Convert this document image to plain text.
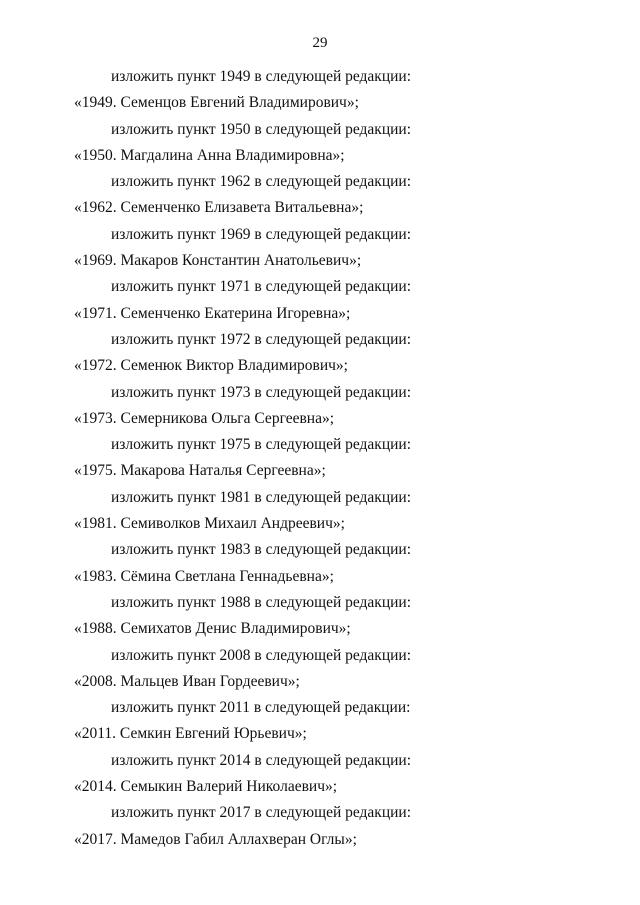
29
изложить пункт 1949 в следующей редакции:
«1949. Семенцов Евгений Владимирович»;
изложить пункт 1950 в следующей редакции:
«1950. Магдалина Анна Владимировна»;
изложить пункт 1962 в следующей редакции:
«1962. Семенченко Елизавета Витальевна»;
изложить пункт 1969 в следующей редакции:
«1969. Макаров Константин Анатольевич»;
изложить пункт 1971 в следующей редакции:
«1971. Семенченко Екатерина Игоревна»;
изложить пункт 1972 в следующей редакции:
«1972. Семенюк Виктор Владимирович»;
изложить пункт 1973 в следующей редакции:
«1973. Семерникова Ольга Сергеевна»;
изложить пункт 1975 в следующей редакции:
«1975. Макарова Наталья Сергеевна»;
изложить пункт 1981 в следующей редакции:
«1981. Семиволков Михаил Андреевич»;
изложить пункт 1983 в следующей редакции:
«1983. Сёмина Светлана Геннадьевна»;
изложить пункт 1988 в следующей редакции:
«1988. Семихатов Денис Владимирович»;
изложить пункт 2008 в следующей редакции:
«2008. Мальцев Иван Гордеевич»;
изложить пункт 2011 в следующей редакции:
«2011. Семкин Евгений Юрьевич»;
изложить пункт 2014 в следующей редакции:
«2014. Семыкин Валерий Николаевич»;
изложить пункт 2017 в следующей редакции:
«2017. Мамедов Габил Аллахверан Оглы»;
